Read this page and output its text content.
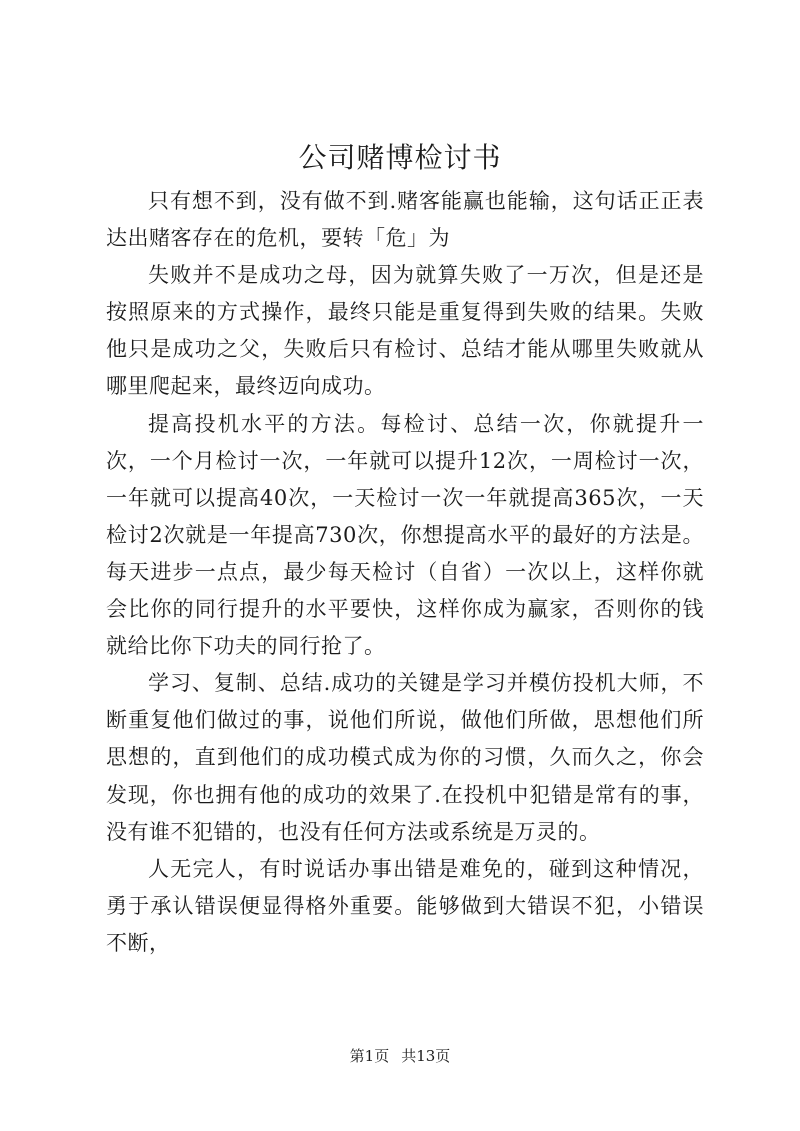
公司赌博检讨书

只有想不到，没有做不到.赌客能赢也能输，这句话正正表达出赌客存在的危机，要转「危」为

失败并不是成功之母，因为就算失败了一万次，但是还是按照原来的方式操作，最终只能是重复得到失败的结果。失败他只是成功之父，失败后只有检讨、总结才能从哪里失败就从哪里爬起来，最终迈向成功。

提高投机水平的方法。每检讨、总结一次，你就提升一次，一个月检讨一次，一年就可以提升12次，一周检讨一次，一年就可以提高40次，一天检讨一次一年就提高365次，一天检讨2次就是一年提高730次，你想提高水平的最好的方法是。每天进步一点点，最少每天检讨（自省）一次以上，这样你就会比你的同行提升的水平要快，这样你成为赢家，否则你的钱就给比你下功夫的同行抢了。

学习、复制、总结.成功的关键是学习并模仿投机大师，不断重复他们做过的事，说他们所说，做他们所做，思想他们所思想的，直到他们的成功模式成为你的习惯，久而久之，你会发现，你也拥有他的成功的效果了.在投机中犯错是常有的事，没有谁不犯错的，也没有任何方法或系统是万灵的。

人无完人，有时说话办事出错是难免的，碰到这种情况，勇于承认错误便显得格外重要。能够做到大错误不犯，小错误不断，

第1页 共13页
